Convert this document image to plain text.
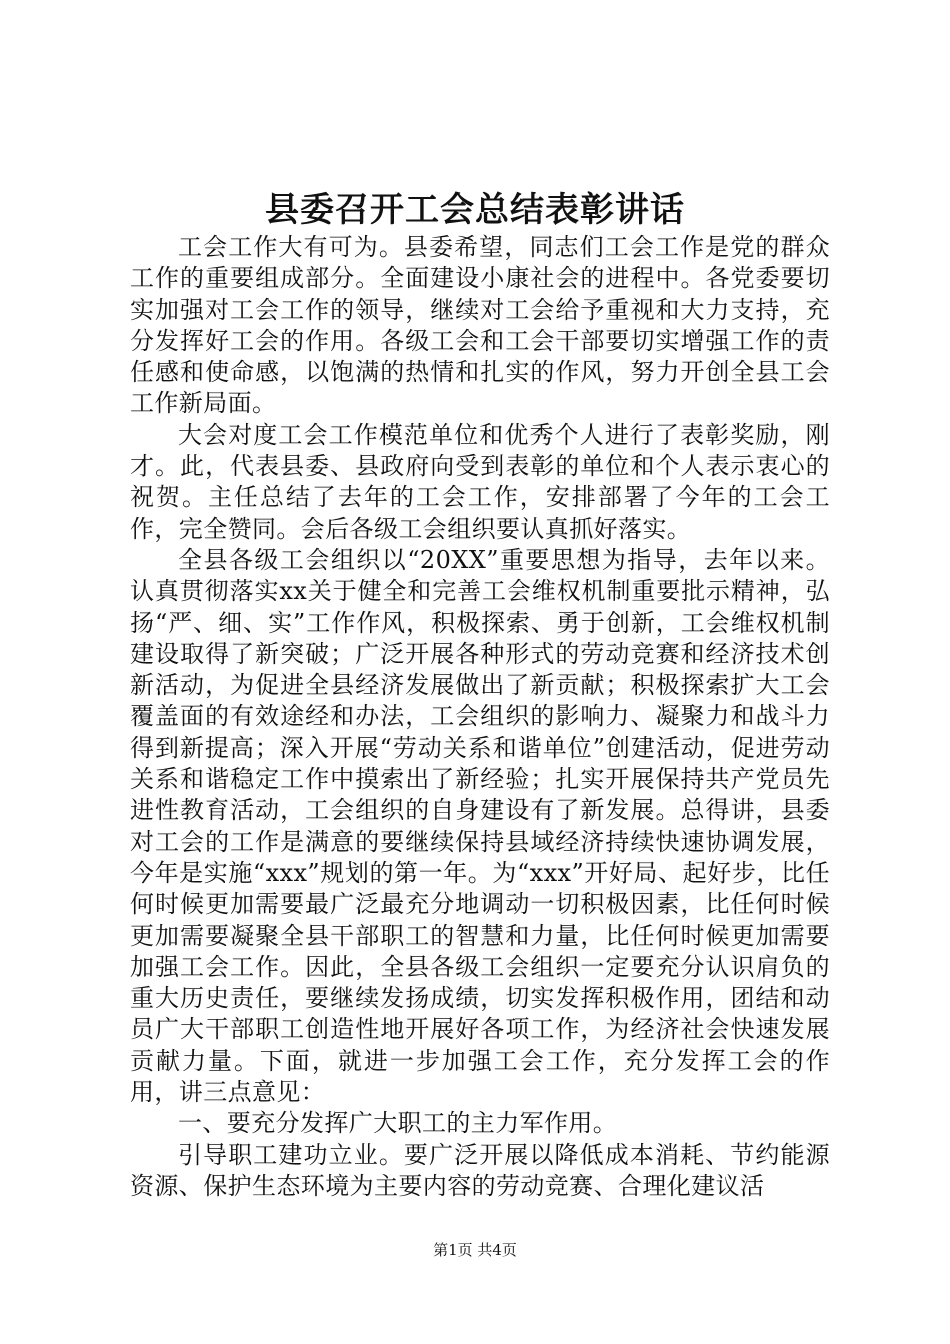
县委召开工会总结表彰讲话

工会工作大有可为。县委希望，同志们工会工作是党的群众工作的重要组成部分。全面建设小康社会的进程中。各党委要切实加强对工会工作的领导，继续对工会给予重视和大力支持，充分发挥好工会的作用。各级工会和工会干部要切实增强工作的责任感和使命感，以饱满的热情和扎实的作风，努力开创全县工会工作新局面。

大会对度工会工作模范单位和优秀个人进行了表彰奖励，刚才。此，代表县委、县政府向受到表彰的单位和个人表示衷心的祝贺。主任总结了去年的工会工作，安排部署了今年的工会工作，完全赞同。会后各级工会组织要认真抓好落实。

全县各级工会组织以“20XX”重要思想为指导，去年以来。认真贯彻落实xx关于健全和完善工会维权机制重要批示精神，弘扬“严、细、实”工作作风，积极探索、勇于创新，工会维权机制建设取得了新突破；广泛开展各种形式的劳动竞赛和经济技术创新活动，为促进全县经济发展做出了新贡献；积极探索扩大工会覆盖面的有效途经和办法，工会组织的影响力、凝聚力和战斗力得到新提高；深入开展“劳动关系和谐单位”创建活动，促进劳动关系和谐稳定工作中摸索出了新经验；扎实开展保持共产党员先进性教育活动，工会组织的自身建设有了新发展。总得讲，县委对工会的工作是满意的要继续保持县域经济持续快速协调发展，今年是实施“xxx”规划的第一年。为“xxx”开好局、起好步，比任何时候更加需要最广泛最充分地调动一切积极因素，比任何时候更加需要凝聚全县干部职工的智慧和力量，比任何时候更加需要加强工会工作。因此，全县各级工会组织一定要充分认识肩负的重大历史责任，要继续发扬成绩，切实发挥积极作用，团结和动员广大干部职工创造性地开展好各项工作，为经济社会快速发展贡献力量。下面，就进一步加强工会工作，充分发挥工会的作用，讲三点意见：

一、要充分发挥广大职工的主力军作用。

引导职工建功立业。要广泛开展以降低成本消耗、节约能源资源、保护生态环境为主要内容的劳动竞赛、合理化建议活

第1页 共4页
